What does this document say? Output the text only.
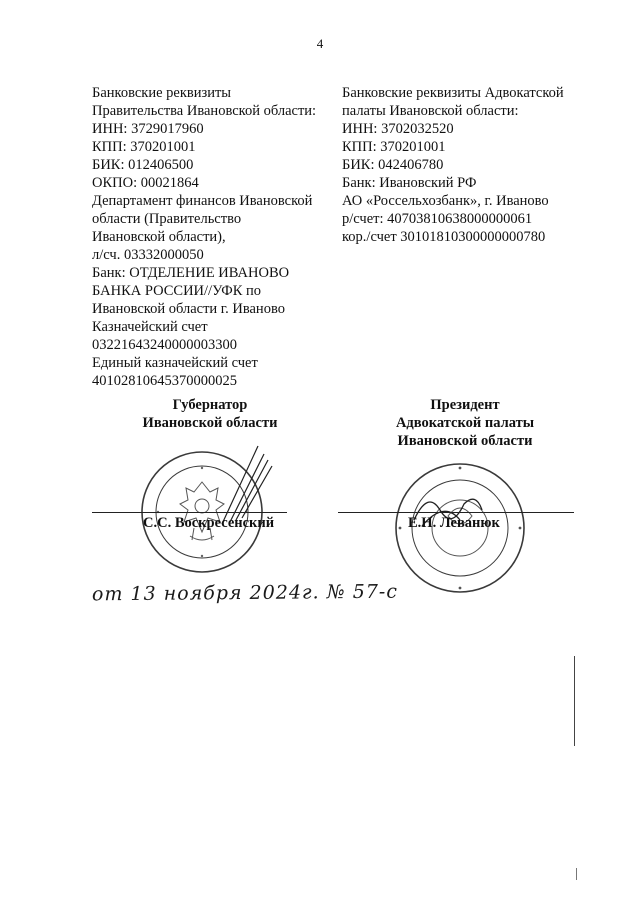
4
Банковские реквизиты
Правительства Ивановской области:
ИНН: 3729017960
КПП: 370201001
БИК: 012406500
ОКПО: 00021864
Департамент финансов Ивановской
области (Правительство
Ивановской области),
л/сч. 03332000050
Банк: ОТДЕЛЕНИЕ ИВАНОВО
БАНКА РОССИИ//УФК по
Ивановской области г. Иваново
Казначейский счет
03221643240000003300
Единый казначейский счет
40102810645370000025
Банковские реквизиты Адвокатской
палаты Ивановской области:
ИНН: 3702032520
КПП: 370201001
БИК: 042406780
Банк: Ивановский РФ
АО «Россельхозбанк», г. Иваново
р/счет: 40703810638000000061
кор./счет 30101810300000000780
Губернатор
Ивановской области
С.С. Воскресенский
Президент
Адвокатской палаты
Ивановской области
Е.Н. Леванюк
от 13 ноября 2024г. № 57-с
